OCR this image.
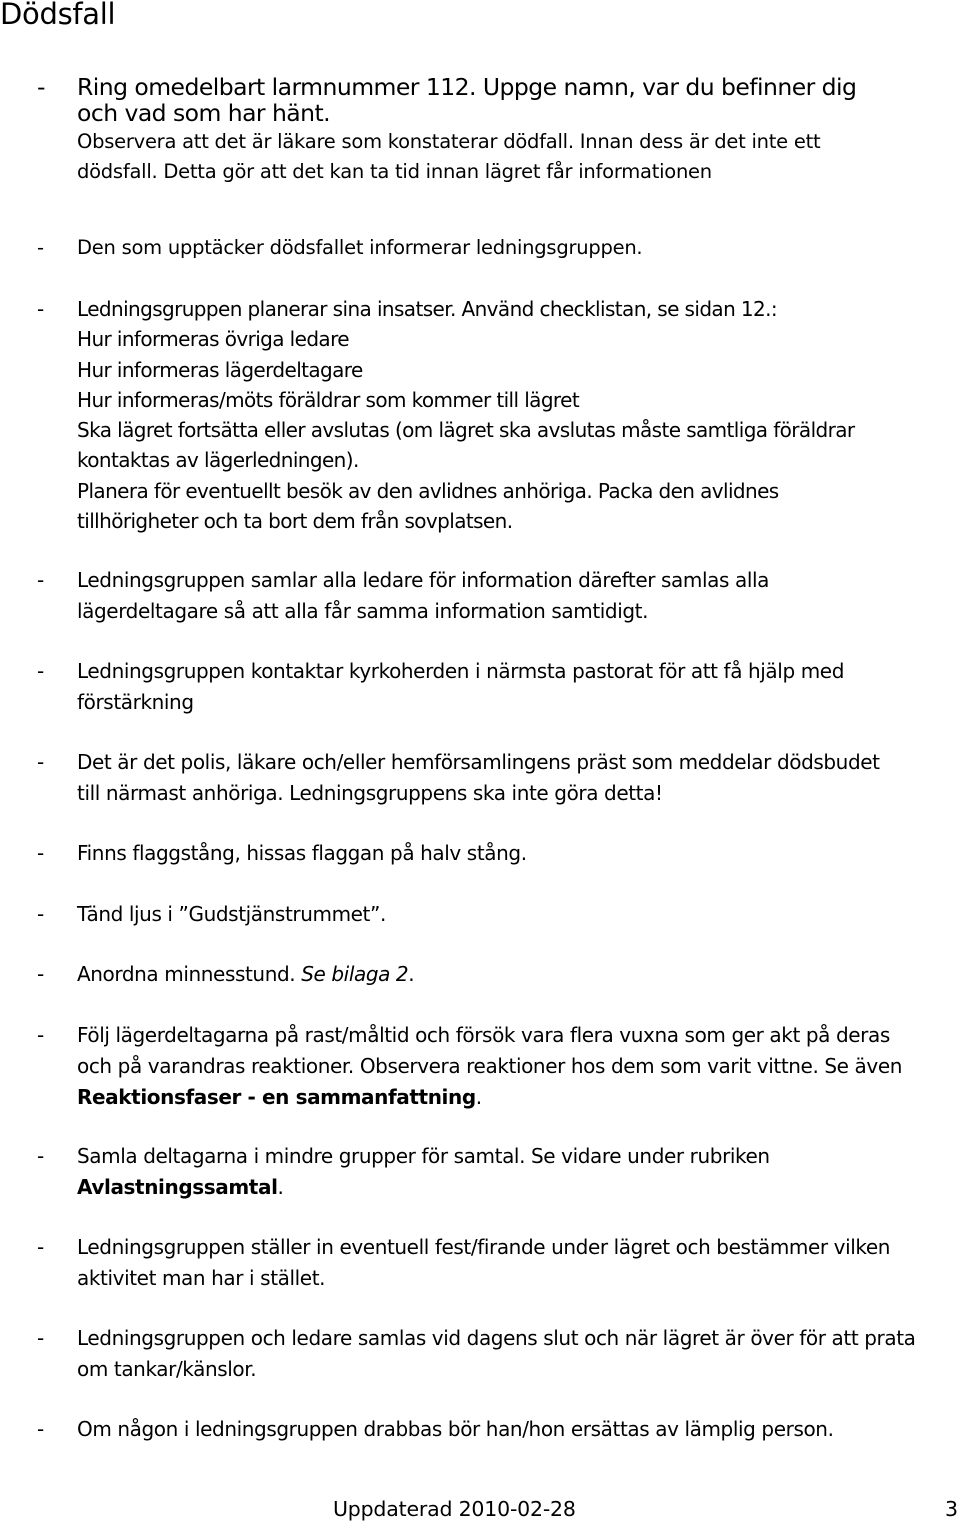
Dödsfall
- Ring omedelbart larmnummer 112. Uppge namn, var du befinner dig
och vad som har hänt.
Observera att det är läkare som konstaterar dödfall. Innan dess är det inte ett
dödsfall. Detta gör att det kan ta tid innan lägret får informationen
- Den som upptäcker dödsfallet informerar ledningsgruppen.
- Ledningsgruppen planerar sina insatser. Använd checklistan, se sidan 12.:
Hur informeras övriga ledare
Hur informeras lägerdeltagare
Hur informeras/möts föräldrar som kommer till lägret
Ska lägret fortsätta eller avslutas (om lägret ska avslutas måste samtliga föräldrar
kontaktas av lägerledningen).
Planera för eventuellt besök av den avlidnes anhöriga. Packa den avlidnes
tillhörigheter och ta bort dem från sovplatsen.
- Ledningsgruppen samlar alla ledare för information därefter samlas alla
lägerdeltagare så att alla får samma information samtidigt.
- Ledningsgruppen kontaktar kyrkoherden i närmsta pastorat för att få hjälp med
förstärkning
- Det är det polis, läkare och/eller hemförsamlingens präst som meddelar dödsbudet
till närmast anhöriga. Ledningsgruppens ska inte göra detta!
- Finns flaggstång, hissas flaggan på halv stång.
- Tänd ljus i ”Gudstjänstrummet”.
- Anordna minnesstund. Se bilaga 2.
- Följ lägerdeltagarna på rast/måltid och försök vara flera vuxna som ger akt på deras
och på varandras reaktioner. Observera reaktioner hos dem som varit vittne. Se även
Reaktionsfaser - en sammanfattning.
- Samla deltagarna i mindre grupper för samtal. Se vidare under rubriken
Avlastningssamtal.
- Ledningsgruppen ställer in eventuell fest/firande under lägret och bestämmer vilken
aktivitet man har i stället.
- Ledningsgruppen och ledare samlas vid dagens slut och när lägret är över för att prata
om tankar/känslor.
- Om någon i ledningsgruppen drabbas bör han/hon ersättas av lämplig person.
Uppdaterad 2010-02-28	3
